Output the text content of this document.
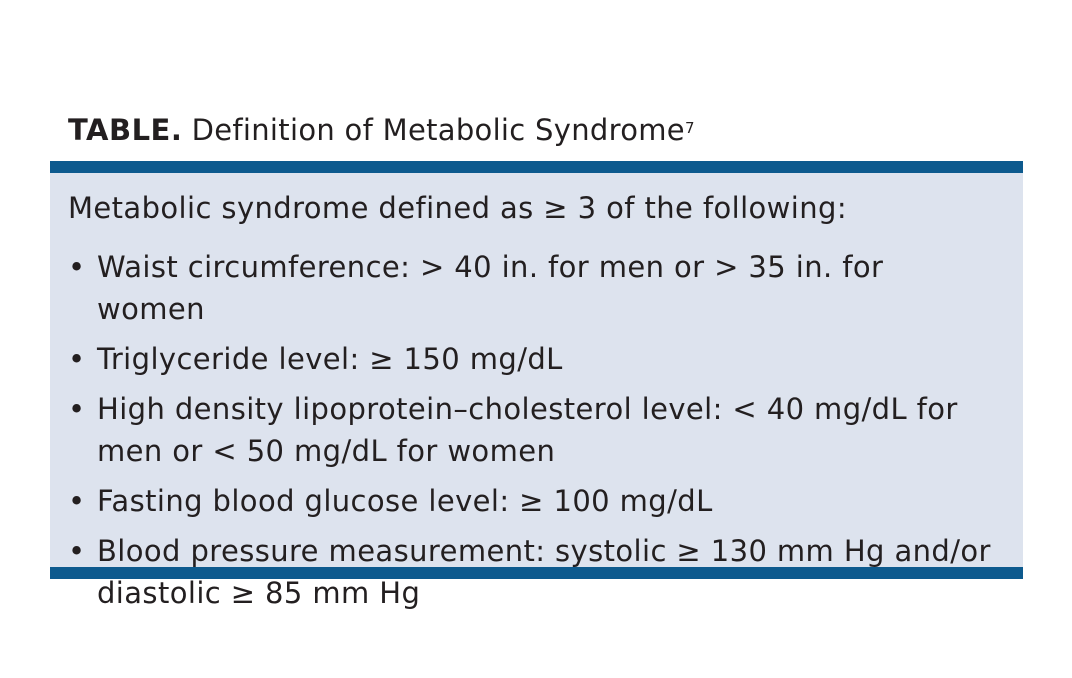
TABLE. Definition of Metabolic Syndrome$^7$
Metabolic syndrome defined as ≥ 3 of the following:
• Waist circumference: > 40 in. for men or > 35 in. for women
• Triglyceride level: ≥ 150 mg/dL
• High density lipoprotein–cholesterol level: < 40 mg/dL for men or < 50 mg/dL for women
• Fasting blood glucose level: ≥ 100 mg/dL
• Blood pressure measurement: systolic ≥ 130 mm Hg and/or diastolic ≥ 85 mm Hg
